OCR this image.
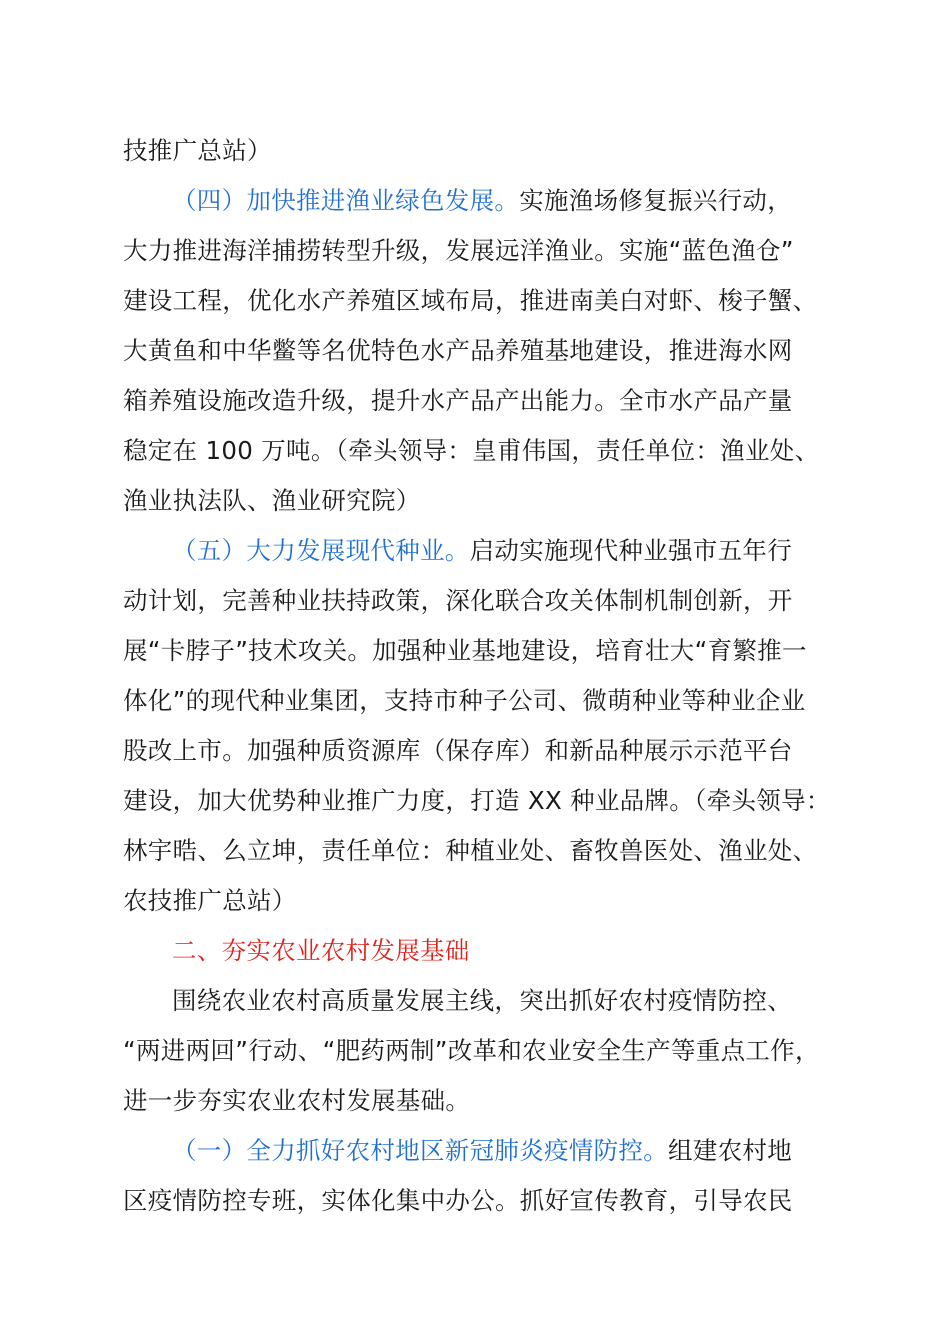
技推广总站）
（四）加快推进渔业绿色发展。实施渔场修复振兴行动，
大力推进海洋捕捞转型升级，发展远洋渔业。实施“蓝色渔仓”
建设工程，优化水产养殖区域布局，推进南美白对虾、梭子蟹、
大黄鱼和中华鳖等名优特色水产品养殖基地建设，推进海水网
箱养殖设施改造升级，提升水产品产出能力。全市水产品产量
稳定在 100 万吨。（牵头领导：皇甫伟国，责任单位：渔业处、
渔业执法队、渔业研究院）
（五）大力发展现代种业。启动实施现代种业强市五年行
动计划，完善种业扶持政策，深化联合攻关体制机制创新，开
展“卡脖子”技术攻关。加强种业基地建设，培育壮大“育繁推一
体化”的现代种业集团，支持市种子公司、微萌种业等种业企业
股改上市。加强种质资源库（保存库）和新品种展示示范平台
建设，加大优势种业推广力度，打造 XX 种业品牌。（牵头领导：
林宇晧、么立坤，责任单位：种植业处、畜牧兽医处、渔业处、
农技推广总站）
二、夯实农业农村发展基础
围绕农业农村高质量发展主线，突出抓好农村疫情防控、
“两进两回”行动、“肥药两制”改革和农业安全生产等重点工作，
进一步夯实农业农村发展基础。
（一）全力抓好农村地区新冠肺炎疫情防控。组建农村地
区疫情防控专班，实体化集中办公。抓好宣传教育，引导农民
